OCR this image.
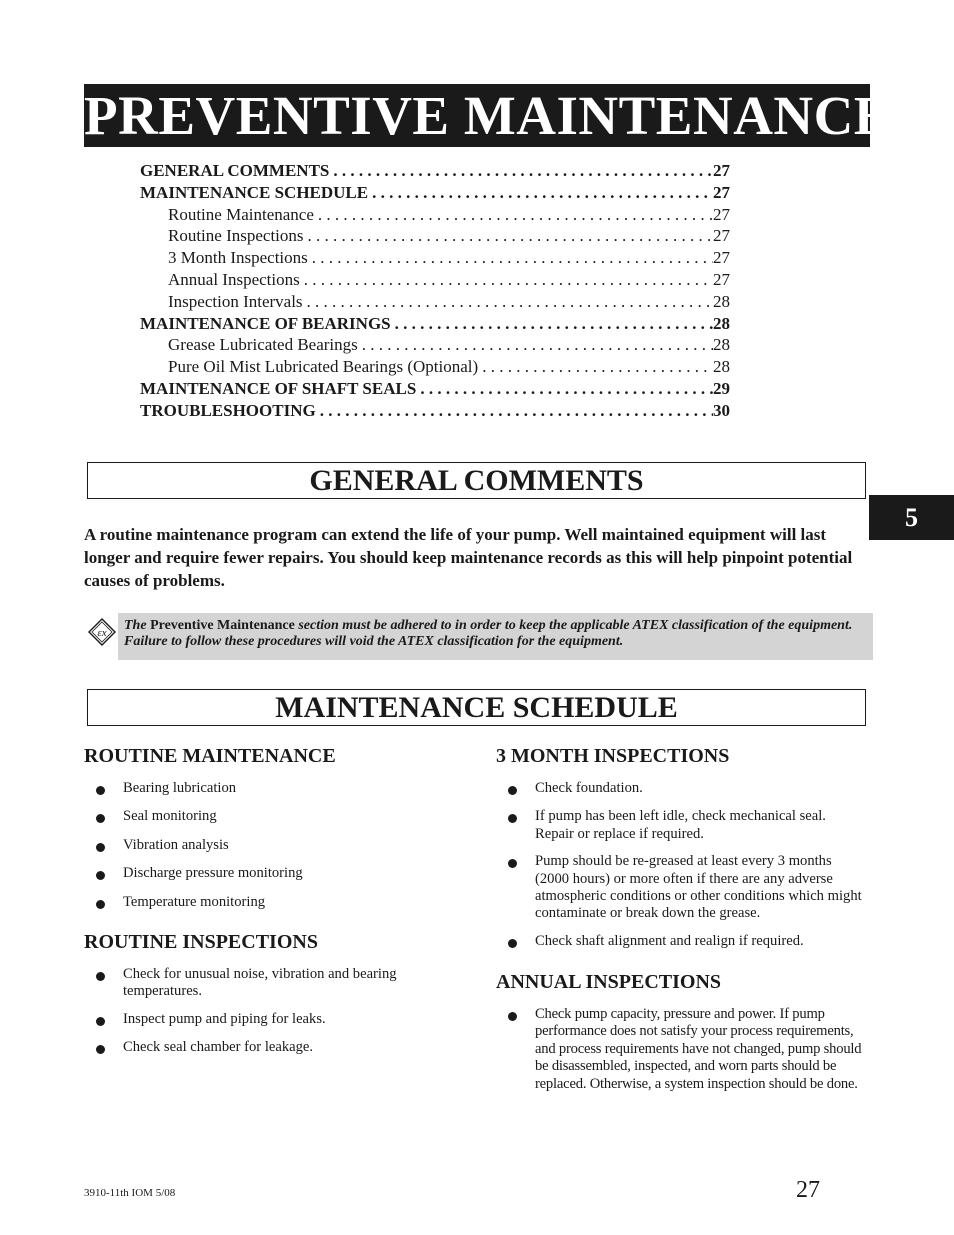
PREVENTIVE MAINTENANCE
GENERAL COMMENTS . . .	27
MAINTENANCE SCHEDULE . . .	27
Routine Maintenance . . .	27
Routine Inspections . . .	27
3 Month Inspections . . .	27
Annual Inspections . . .	27
Inspection Intervals . . .	28
MAINTENANCE OF BEARINGS . . .	28
Grease Lubricated Bearings . . .	28
Pure Oil Mist Lubricated Bearings (Optional) . . .	28
MAINTENANCE OF SHAFT SEALS . . .	29
TROUBLESHOOTING . . .	30
GENERAL COMMENTS
5
A routine maintenance program can extend the life of your pump. Well maintained equipment will last longer and require fewer repairs. You should keep maintenance records as this will help pinpoint potential causes of problems.
εx	The Preventive Maintenance section must be adhered to in order to keep the applicable ATEX classification of the equipment. Failure to follow these procedures will void the ATEX classification for the equipment.
MAINTENANCE SCHEDULE
ROUTINE MAINTENANCE
Bearing lubrication
Seal monitoring
Vibration analysis
Discharge pressure monitoring
Temperature monitoring
ROUTINE INSPECTIONS
Check for unusual noise, vibration and bearing temperatures.
Inspect pump and piping for leaks.
Check seal chamber for leakage.
3 MONTH INSPECTIONS
Check foundation.
If pump has been left idle, check mechanical seal. Repair or replace if required.
Pump should be re-greased at least every 3 months (2000 hours) or more often if there are any adverse atmospheric conditions or other conditions which might contaminate or break down the grease.
Check shaft alignment and realign if required.
ANNUAL INSPECTIONS
Check pump capacity, pressure and power. If pump performance does not satisfy your process requirements, and process requirements have not changed, pump should be disassembled, inspected, and worn parts should be replaced. Otherwise, a system inspection should be done.
3910-11th IOM 5/08	27
